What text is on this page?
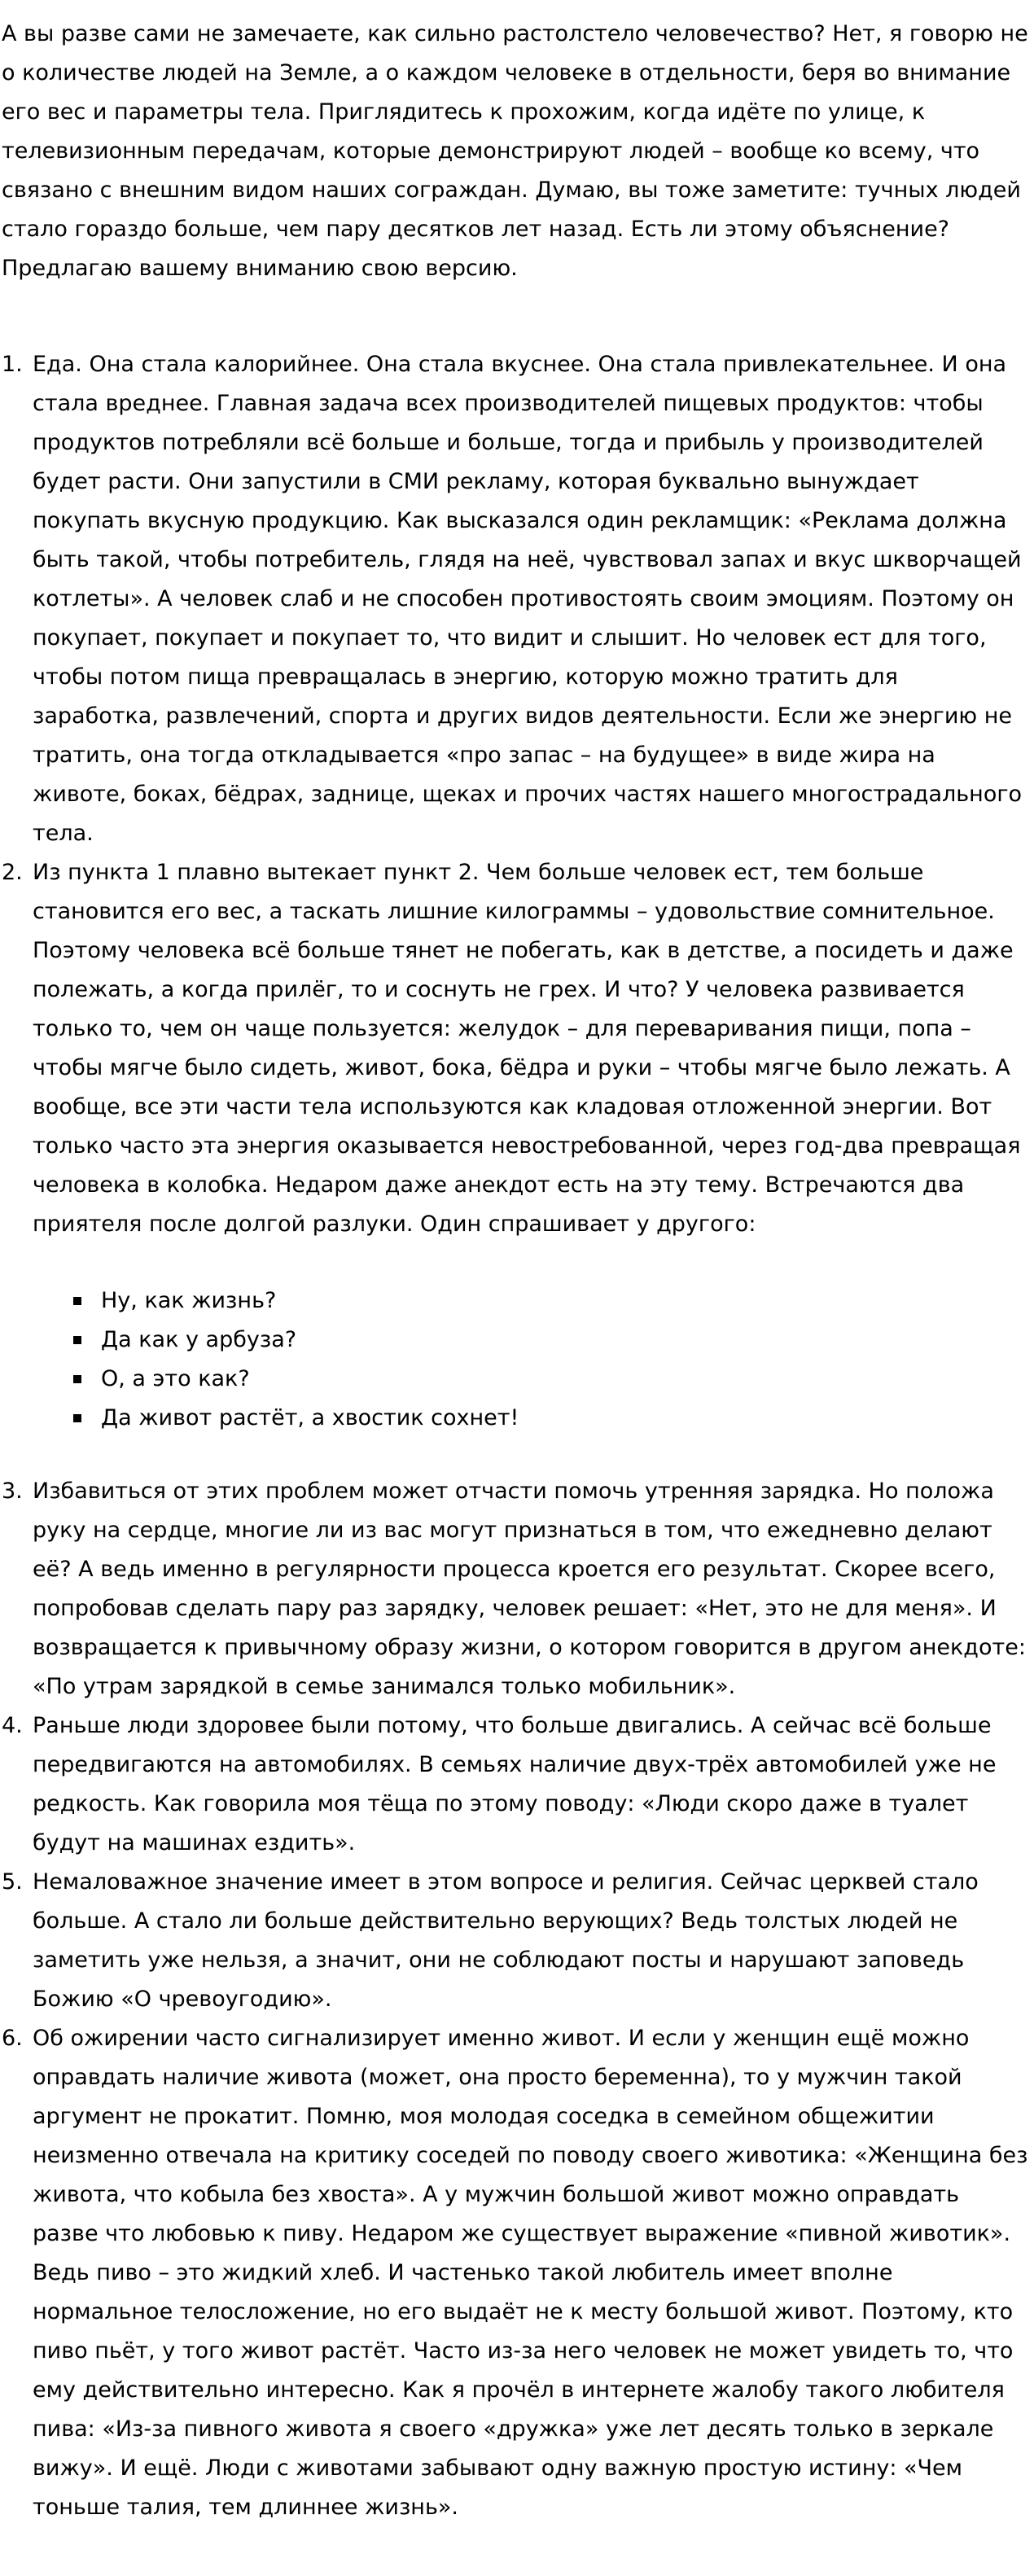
А вы разве сами не замечаете, как сильно растолстело человечество? Нет, я говорю не о количестве людей на Земле, а о каждом человеке в отдельности, беря во внимание его вес и параметры тела. Приглядитесь к прохожим, когда идёте по улице, к телевизионным передачам, которые демонстрируют людей – вообще ко всему, что связано с внешним видом наших сограждан. Думаю, вы тоже заметите: тучных людей стало гораздо больше, чем пару десятков лет назад. Есть ли этому объяснение? Предлагаю вашему вниманию свою версию.

1. Еда. Она стала калорийнее. Она стала вкуснее. Она стала привлекательнее. И она стала вреднее. Главная задача всех производителей пищевых продуктов: чтобы продуктов потребляли всё больше и больше, тогда и прибыль у производителей будет расти. Они запустили в СМИ рекламу, которая буквально вынуждает покупать вкусную продукцию. Как высказался один рекламщик: «Реклама должна быть такой, чтобы потребитель, глядя на неё, чувствовал запах и вкус шкворчащей котлеты». А человек слаб и не способен противостоять своим эмоциям. Поэтому он покупает, покупает и покупает то, что видит и слышит. Но человек ест для того, чтобы потом пища превращалась в энергию, которую можно тратить для заработка, развлечений, спорта и других видов деятельности. Если же энергию не тратить, она тогда откладывается «про запас – на будущее» в виде жира на животе, боках, бёдрах, заднице, щеках и прочих частях нашего многострадального тела.
2. Из пункта 1 плавно вытекает пункт 2. Чем больше человек ест, тем больше становится его вес, а таскать лишние килограммы – удовольствие сомнительное. Поэтому человека всё больше тянет не побегать, как в детстве, а посидеть и даже полежать, а когда прилёг, то и соснуть не грех. И что? У человека развивается только то, чем он чаще пользуется: желудок – для переваривания пищи, попа – чтобы мягче было сидеть, живот, бока, бёдра и руки – чтобы мягче было лежать. А вообще, все эти части тела используются как кладовая отложенной энергии. Вот только часто эта энергия оказывается невостребованной, через год-два превращая человека в колобка. Недаром даже анекдот есть на эту тему. Встречаются два приятеля после долгой разлуки. Один спрашивает у другого:
Ну, как жизнь?
Да как у арбуза?
О, а это как?
Да живот растёт, а хвостик сохнет!
3. Избавиться от этих проблем может отчасти помочь утренняя зарядка. Но положа руку на сердце, многие ли из вас могут признаться в том, что ежедневно делают её? А ведь именно в регулярности процесса кроется его результат. Скорее всего, попробовав сделать пару раз зарядку, человек решает: «Нет, это не для меня». И возвращается к привычному образу жизни, о котором говорится в другом анекдоте: «По утрам зарядкой в семье занимался только мобильник».
4. Раньше люди здоровее были потому, что больше двигались. А сейчас всё больше передвигаются на автомобилях. В семьях наличие двух-трёх автомобилей уже не редкость. Как говорила моя тёща по этому поводу: «Люди скоро даже в туалет будут на машинах ездить».
5. Немаловажное значение имеет в этом вопросе и религия. Сейчас церквей стало больше. А стало ли больше действительно верующих? Ведь толстых людей не заметить уже нельзя, а значит, они не соблюдают посты и нарушают заповедь Божию «О чревоугодию».
6. Об ожирении часто сигнализирует именно живот. И если у женщин ещё можно оправдать наличие живота (может, она просто беременна), то у мужчин такой аргумент не прокатит. Помню, моя молодая соседка в семейном общежитии неизменно отвечала на критику соседей по поводу своего животика: «Женщина без живота, что кобыла без хвоста». А у мужчин большой живот можно оправдать разве что любовью к пиву. Недаром же существует выражение «пивной животик». Ведь пиво – это жидкий хлеб. И частенько такой любитель имеет вполне нормальное телосложение, но его выдаёт не к месту большой живот. Поэтому, кто пиво пьёт, у того живот растёт. Часто из-за него человек не может увидеть то, что ему действительно интересно. Как я прочёл в интернете жалобу такого любителя пива: «Из-за пивного живота я своего «дружка» уже лет десять только в зеркале вижу». И ещё. Люди с животами забывают одну важную простую истину: «Чем тоньше талия, тем длиннее жизнь».
